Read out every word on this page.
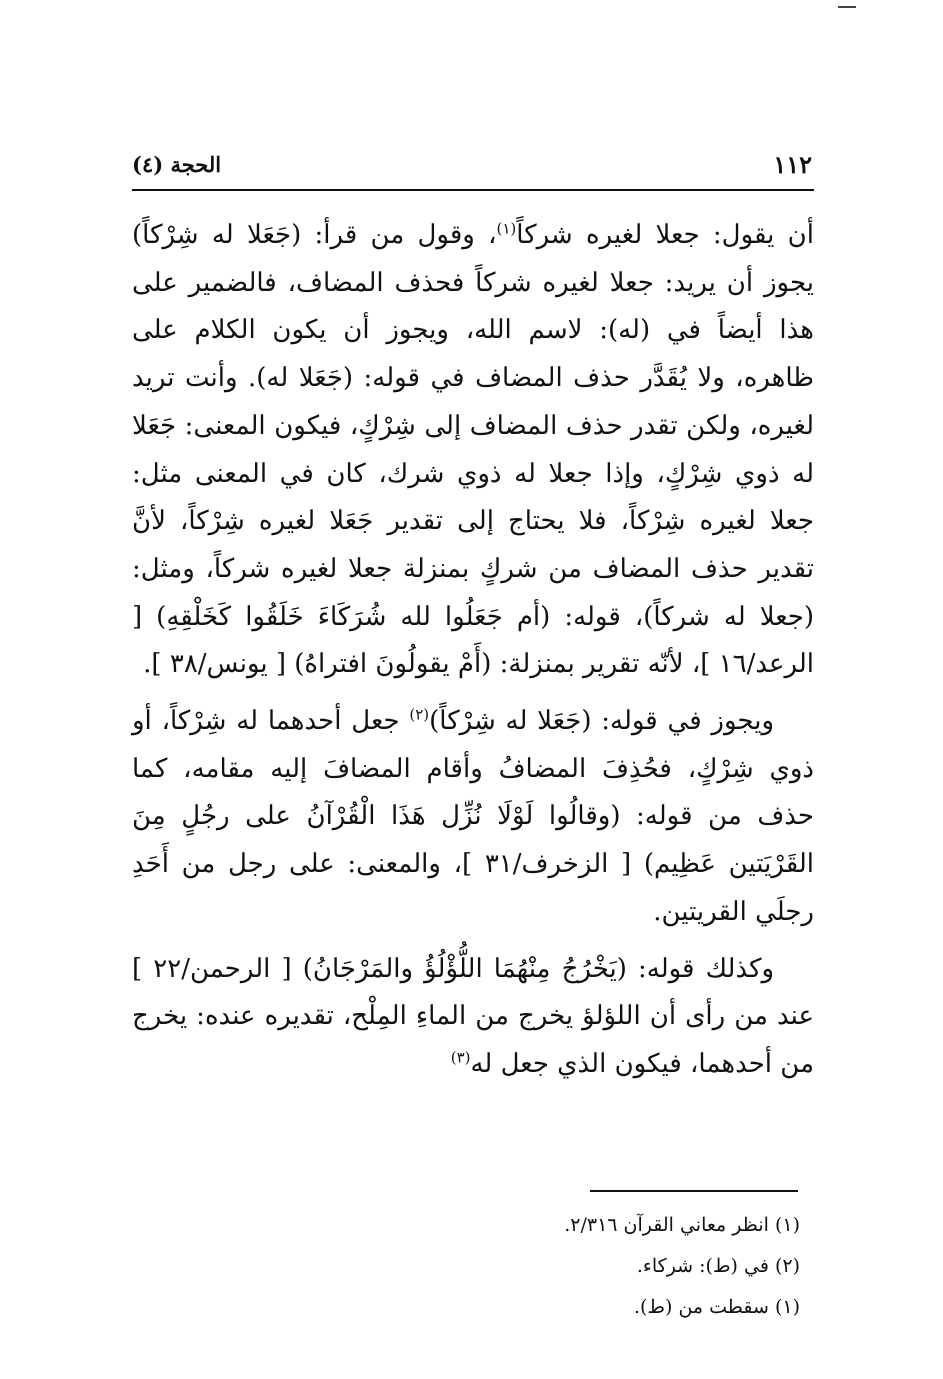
١١٢
الحجة (٤)

أن يقول: جعلا لغيره شركاً$^{(١)}$، وقول من قرأ: (جَعَلا له شِرْكاً) يجوز أن يريد: جعلا لغيره شركاً فحذف المضاف، فالضمير على هذا أيضاً في (له): لاسم الله، ويجوز أن يكون الكلام على ظاهره، ولا يُقَدَّر حذف المضاف في قوله: (جَعَلا له). وأنت تريد لغيره، ولكن تقدر حذف المضاف إلى شِرْكٍ، فيكون المعنى: جَعَلا له ذوي شِرْكٍ، وإذا جعلا له ذوي شرك، كان في المعنى مثل: جعلا لغيره شِرْكاً، فلا يحتاج إلى تقدير جَعَلا لغيره شِرْكاً، لأنَّ تقدير حذف المضاف من شركٍ بمنزلة جعلا لغيره شركاً، ومثل: (جعلا له شركاً)، قوله: (أم جَعَلُوا لله شُرَكَاءَ خَلَقُوا كَخَلْقِهِ) [ الرعد/١٦ ]، لأنّه تقرير بمنزلة: (أَمْ يقولُونَ افتراهُ) [ يونس/٣٨ ].

ويجوز في قوله: (جَعَلا له شِرْكاً)$^{(٢)}$ جعل أحدهما له شِرْكاً، أو ذوي شِرْكٍ، فحُذِفَ المضافُ وأقام المضافَ إليه مقامه، كما حذف من قوله: (وقالُوا لَوْلَا نُزِّل هَذَا الْقُرْآنُ على رجُلٍ مِنَ القَرْيَتين عَظِيم) [ الزخرف/٣١ ]، والمعنى: على رجل من أَحَدِ رجلَي القريتين.

وكذلك قوله: (يَخْرُجُ مِنْهُمَا اللُّؤْلُؤُ والمَرْجَانُ) [ الرحمن/٢٢ ] عند من رأى أن اللؤلؤ يخرج من الماءِ المِلْح، تقديره عنده: يخرج من أحدهما، فيكون الذي جعل له$^{(٣)}$

(١) انظر معاني القرآن ٢/٣١٦.
(٢) في (ط): شركاء.
(١) سقطت من (ط).
